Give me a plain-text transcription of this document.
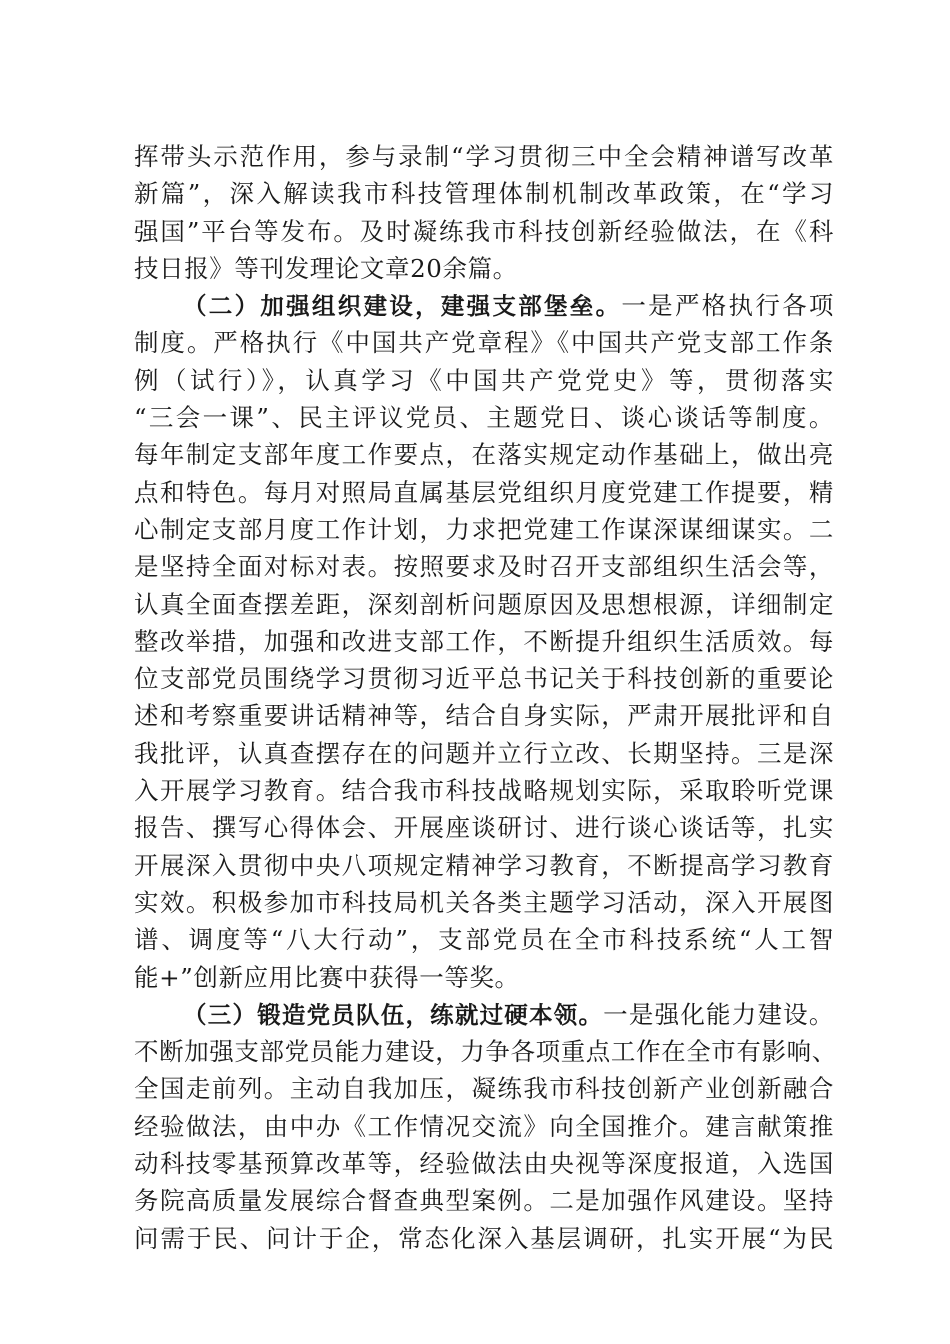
挥带头示范作用，参与录制“学习贯彻三中全会精神谱写改革
新篇”，深入解读我市科技管理体制机制改革政策，在“学习
强国”平台等发布。及时凝练我市科技创新经验做法，在《科
技日报》等刊发理论文章20余篇。
（二）加强组织建设，建强支部堡垒。一是严格执行各项
制度。严格执行《中国共产党章程》《中国共产党支部工作条
例（试行）》，认真学习《中国共产党党史》等，贯彻落实
“三会一课”、民主评议党员、主题党日、谈心谈话等制度。
每年制定支部年度工作要点，在落实规定动作基础上，做出亮
点和特色。每月对照局直属基层党组织月度党建工作提要，精
心制定支部月度工作计划，力求把党建工作谋深谋细谋实。二
是坚持全面对标对表。按照要求及时召开支部组织生活会等，
认真全面查摆差距，深刻剖析问题原因及思想根源，详细制定
整改举措，加强和改进支部工作，不断提升组织生活质效。每
位支部党员围绕学习贯彻习近平总书记关于科技创新的重要论
述和考察重要讲话精神等，结合自身实际，严肃开展批评和自
我批评，认真查摆存在的问题并立行立改、长期坚持。三是深
入开展学习教育。结合我市科技战略规划实际，采取聆听党课
报告、撰写心得体会、开展座谈研讨、进行谈心谈话等，扎实
开展深入贯彻中央八项规定精神学习教育，不断提高学习教育
实效。积极参加市科技局机关各类主题学习活动，深入开展图
谱、调度等“八大行动”，支部党员在全市科技系统“人工智
能+”创新应用比赛中获得一等奖。
（三）锻造党员队伍，练就过硬本领。一是强化能力建设。
不断加强支部党员能力建设，力争各项重点工作在全市有影响、
全国走前列。主动自我加压，凝练我市科技创新产业创新融合
经验做法，由中办《工作情况交流》向全国推介。建言献策推
动科技零基预算改革等，经验做法由央视等深度报道，入选国
务院高质量发展综合督查典型案例。二是加强作风建设。坚持
问需于民、问计于企，常态化深入基层调研，扎实开展“为民
